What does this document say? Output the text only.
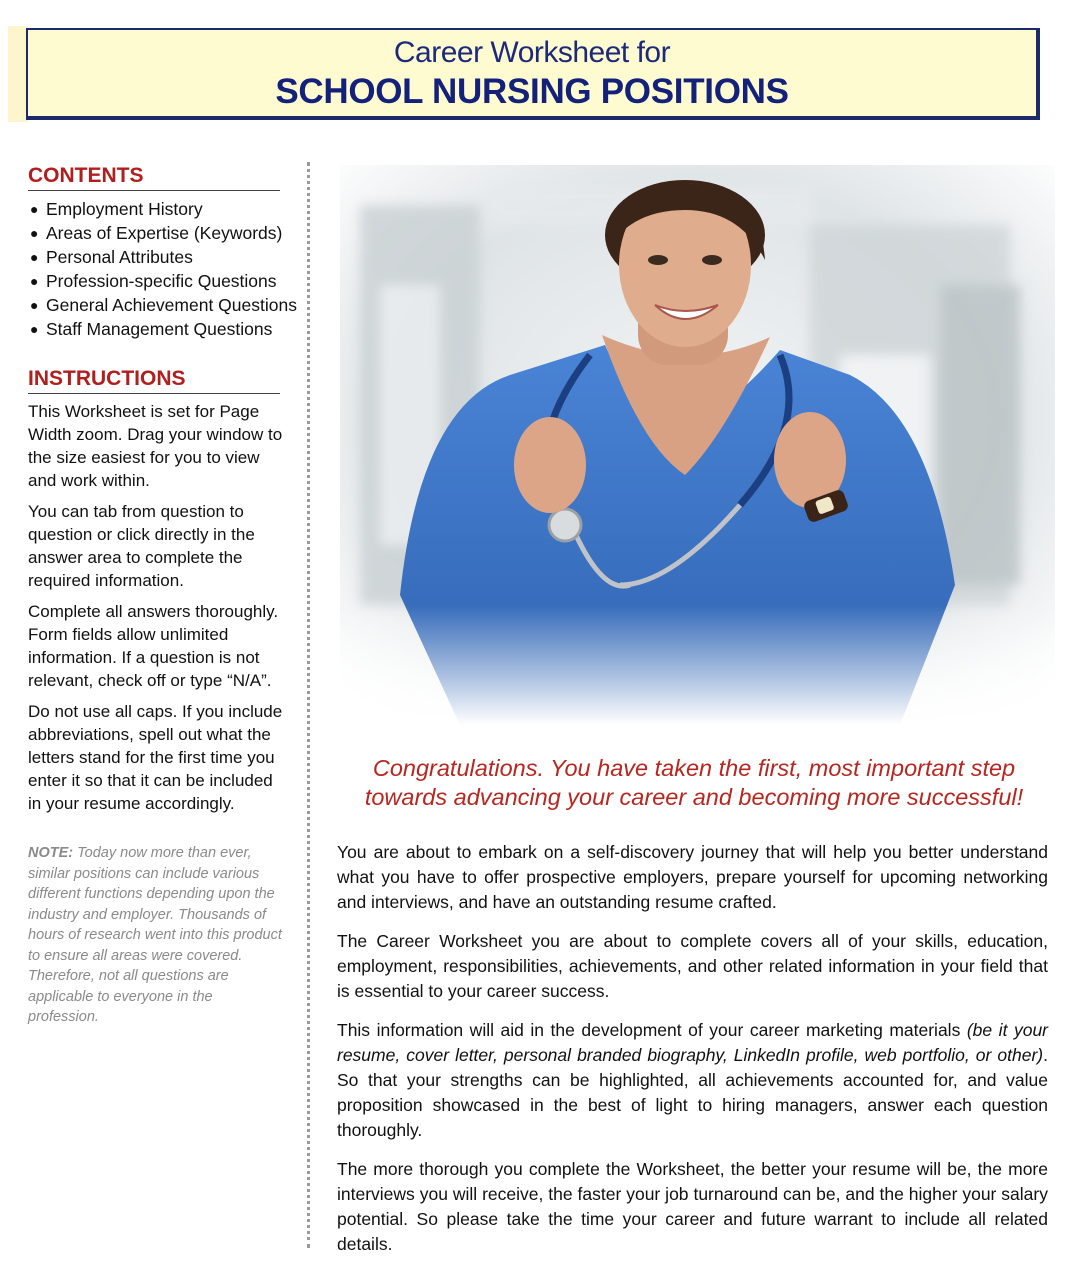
Career Worksheet for
SCHOOL NURSING POSITIONS
CONTENTS
● Employment History
● Areas of Expertise (Keywords)
● Personal Attributes
● Profession-specific Questions
● General Achievement Questions
● Staff Management Questions
INSTRUCTIONS

This Worksheet is set for Page Width zoom. Drag your window to the size easiest for you to view and work within.

You can tab from question to question or click directly in the answer area to complete the required information.

Complete all answers thoroughly. Form fields allow unlimited information. If a question is not relevant, check off or type “N/A”.

Do not use all caps. If you include abbreviations, spell out what the letters stand for the first time you enter it so that it can be included in your resume accordingly.

NOTE: Today now more than ever, similar positions can include various different functions depending upon the industry and employer. Thousands of hours of research went into this product to ensure all areas were covered. Therefore, not all questions are applicable to everyone in the profession.
Congratulations. You have taken the first, most important step towards advancing your career and becoming more successful!

You are about to embark on a self-discovery journey that will help you better understand what you have to offer prospective employers, prepare yourself for upcoming networking and interviews, and have an outstanding resume crafted.

The Career Worksheet you are about to complete covers all of your skills, education, employment, responsibilities, achievements, and other related information in your field that is essential to your career success.

This information will aid in the development of your career marketing materials (be it your resume, cover letter, personal branded biography, LinkedIn profile, web portfolio, or other). So that your strengths can be highlighted, all achievements accounted for, and value proposition showcased in the best of light to hiring managers, answer each question thoroughly.

The more thorough you complete the Worksheet, the better your resume will be, the more interviews you will receive, the faster your job turnaround can be, and the higher your salary potential. So please take the time your career and future warrant to include all related details.
